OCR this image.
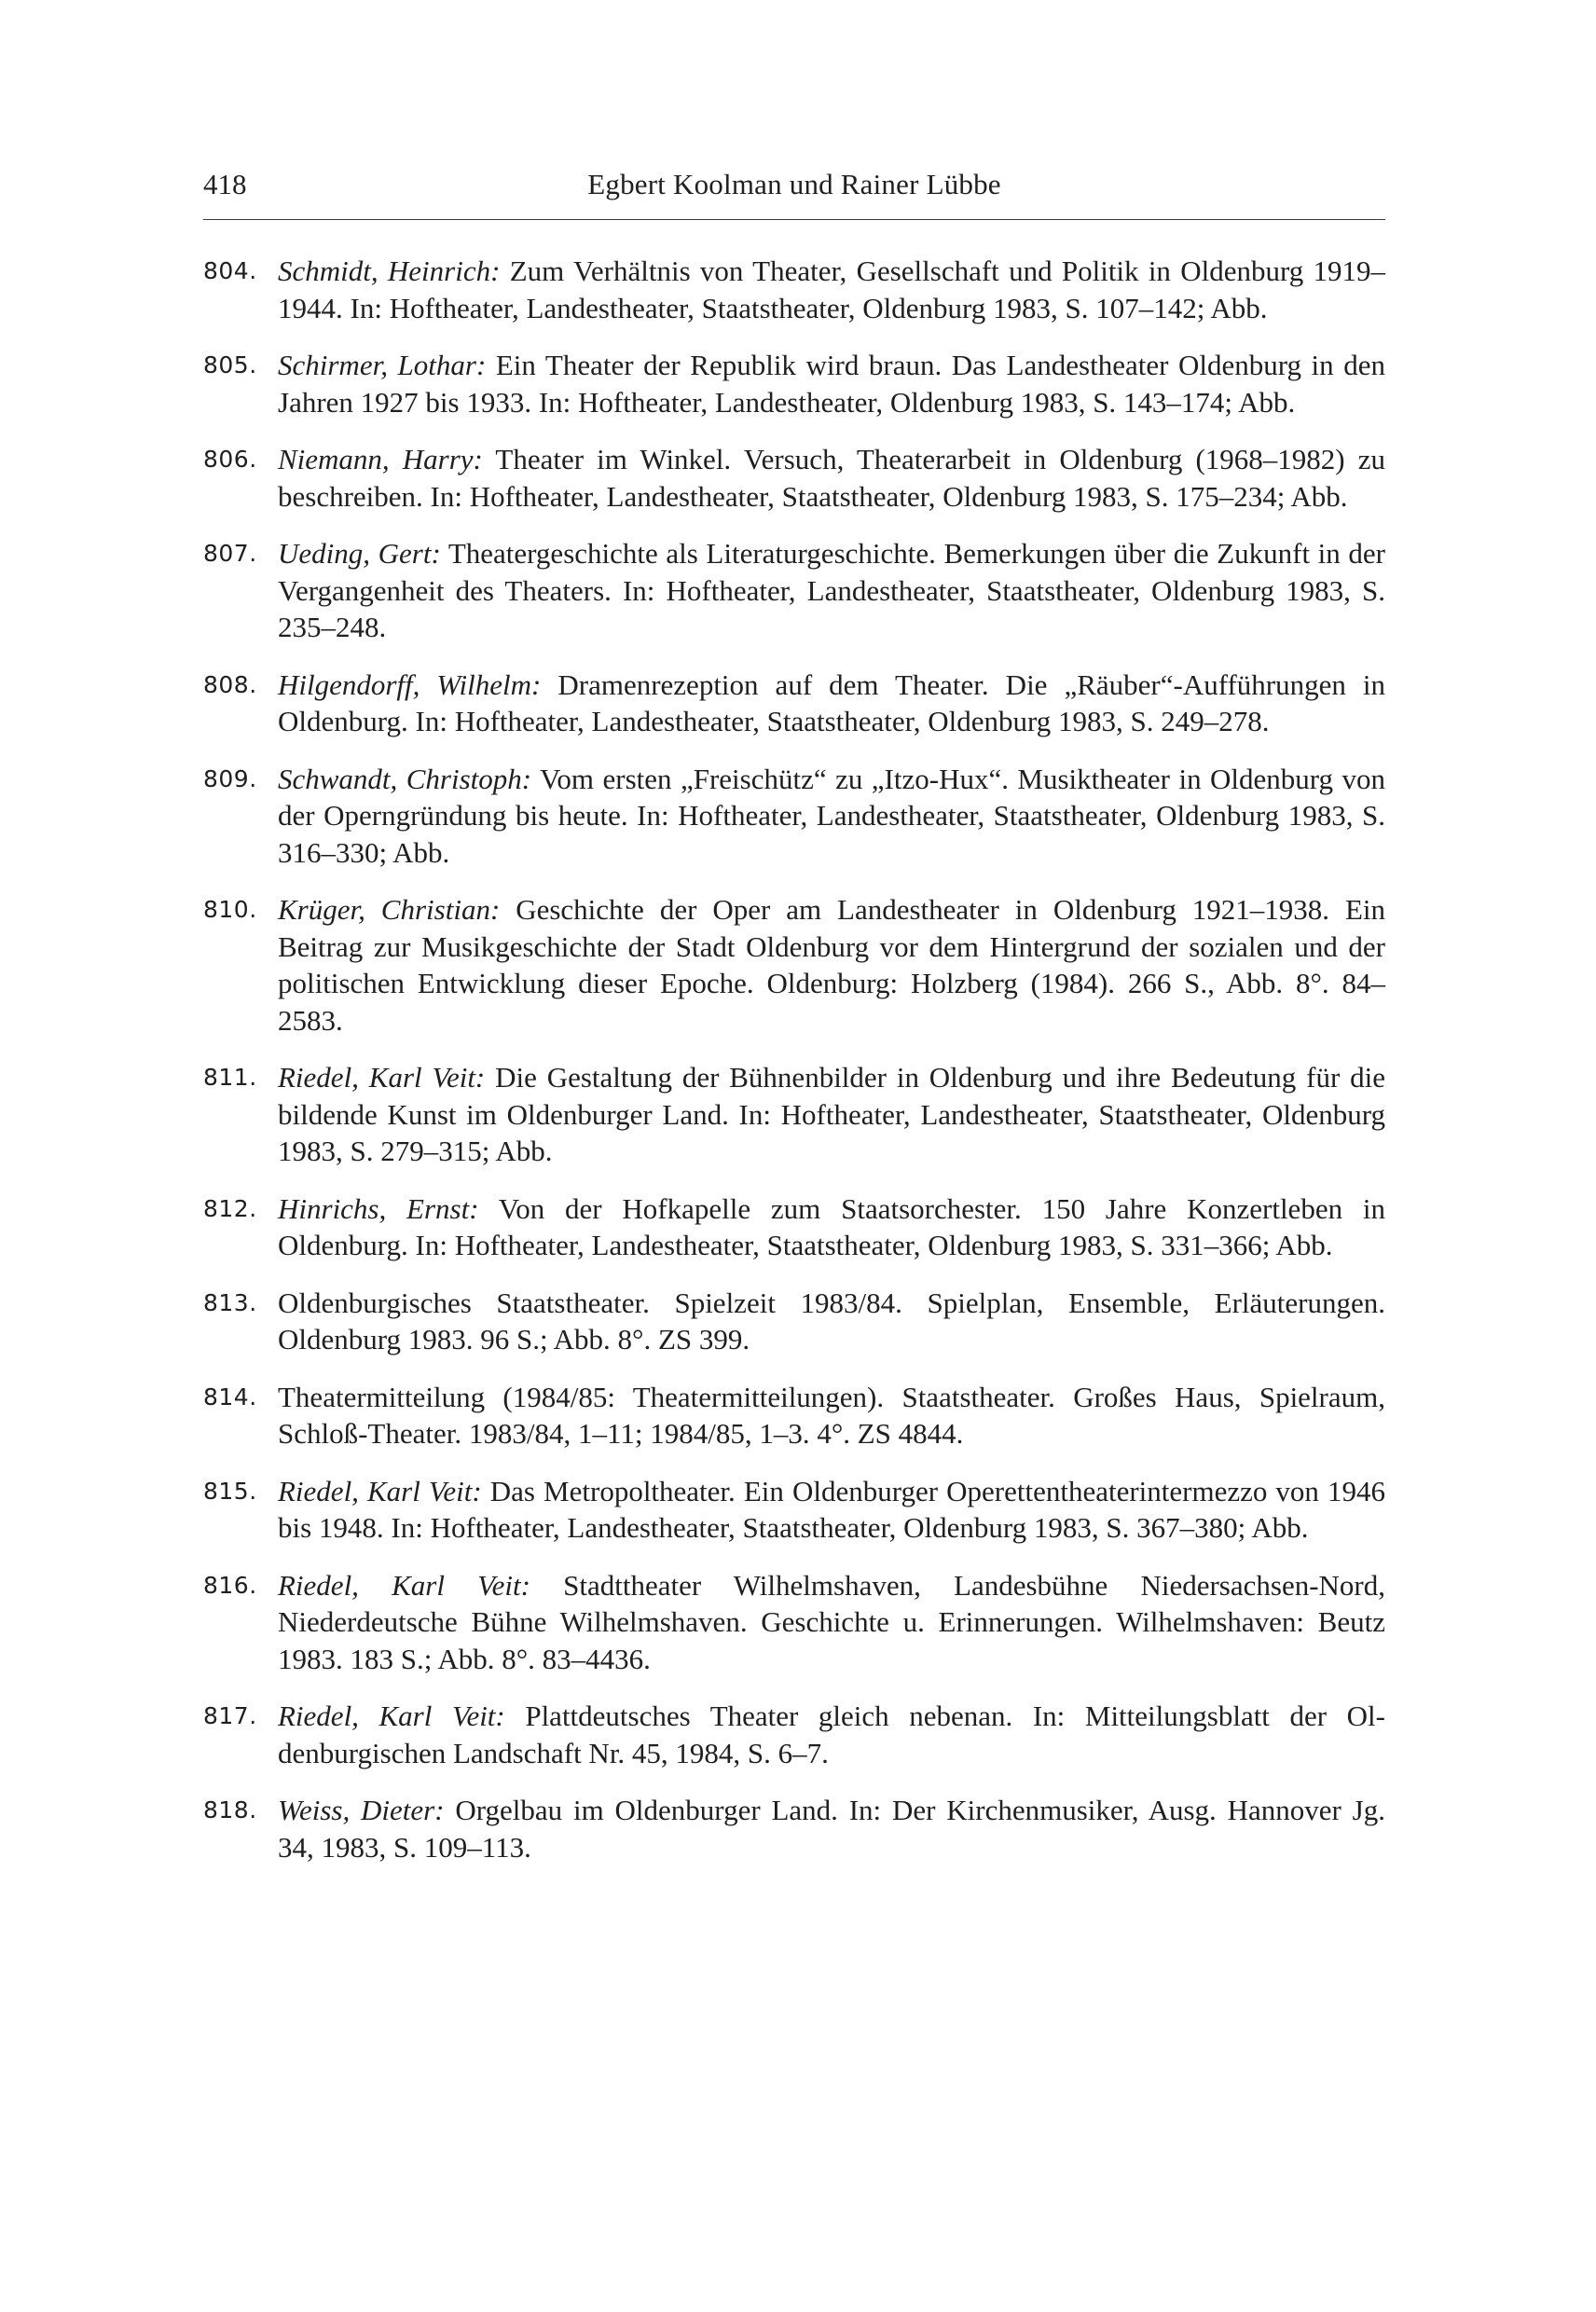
418	Egbert Koolman und Rainer Lübbe
804. Schmidt, Heinrich: Zum Verhältnis von Theater, Gesellschaft und Politik in Oldenburg 1919–1944. In: Hoftheater, Landestheater, Staatstheater, Oldenburg 1983, S. 107–142; Abb.
805. Schirmer, Lothar: Ein Theater der Republik wird braun. Das Landestheater Oldenburg in den Jahren 1927 bis 1933. In: Hoftheater, Landestheater, Oldenburg 1983, S. 143–174; Abb.
806. Niemann, Harry: Theater im Winkel. Versuch, Theaterarbeit in Oldenburg (1968–1982) zu beschreiben. In: Hoftheater, Landestheater, Staatstheater, Oldenburg 1983, S. 175–234; Abb.
807. Ueding, Gert: Theatergeschichte als Literaturgeschichte. Bemerkungen über die Zukunft in der Vergangenheit des Theaters. In: Hoftheater, Landestheater, Staatstheater, Oldenburg 1983, S. 235–248.
808. Hilgendorff, Wilhelm: Dramenrezeption auf dem Theater. Die „Räuber“-Aufführungen in Oldenburg. In: Hoftheater, Landestheater, Staatstheater, Oldenburg 1983, S. 249–278.
809. Schwandt, Christoph: Vom ersten „Freischütz“ zu „Itzo-Hux“. Musiktheater in Oldenburg von der Operngründung bis heute. In: Hoftheater, Landestheater, Staatstheater, Oldenburg 1983, S. 316–330; Abb.
810. Krüger, Christian: Geschichte der Oper am Landestheater in Oldenburg 1921–1938. Ein Beitrag zur Musikgeschichte der Stadt Oldenburg vor dem Hintergrund der sozialen und der politischen Entwicklung dieser Epoche. Oldenburg: Holzberg (1984). 266 S., Abb. 8°. 84–2583.
811. Riedel, Karl Veit: Die Gestaltung der Bühnenbilder in Oldenburg und ihre Bedeutung für die bildende Kunst im Oldenburger Land. In: Hoftheater, Landestheater, Staatstheater, Oldenburg 1983, S. 279–315; Abb.
812. Hinrichs, Ernst: Von der Hofkapelle zum Staatsorchester. 150 Jahre Konzertleben in Oldenburg. In: Hoftheater, Landestheater, Staatstheater, Oldenburg 1983, S. 331–366; Abb.
813. Oldenburgisches Staatstheater. Spielzeit 1983/84. Spielplan, Ensemble, Erläuterungen. Oldenburg 1983. 96 S.; Abb. 8°. ZS 399.
814. Theatermitteilung (1984/85: Theatermitteilungen). Staatstheater. Großes Haus, Spielraum, Schloß-Theater. 1983/84, 1–11; 1984/85, 1–3. 4°. ZS 4844.
815. Riedel, Karl Veit: Das Metropoltheater. Ein Oldenburger Operettentheaterintermezzo von 1946 bis 1948. In: Hoftheater, Landestheater, Staatstheater, Oldenburg 1983, S. 367–380; Abb.
816. Riedel, Karl Veit: Stadttheater Wilhelmshaven, Landesbühne Niedersachsen-Nord, Niederdeutsche Bühne Wilhelmshaven. Geschichte u. Erinnerungen. Wilhelmshaven: Beutz 1983. 183 S.; Abb. 8°. 83–4436.
817. Riedel, Karl Veit: Plattdeutsches Theater gleich nebenan. In: Mitteilungsblatt der Oldenburgischen Landschaft Nr. 45, 1984, S. 6–7.
818. Weiss, Dieter: Orgelbau im Oldenburger Land. In: Der Kirchenmusiker, Ausg. Hannover Jg. 34, 1983, S. 109–113.
